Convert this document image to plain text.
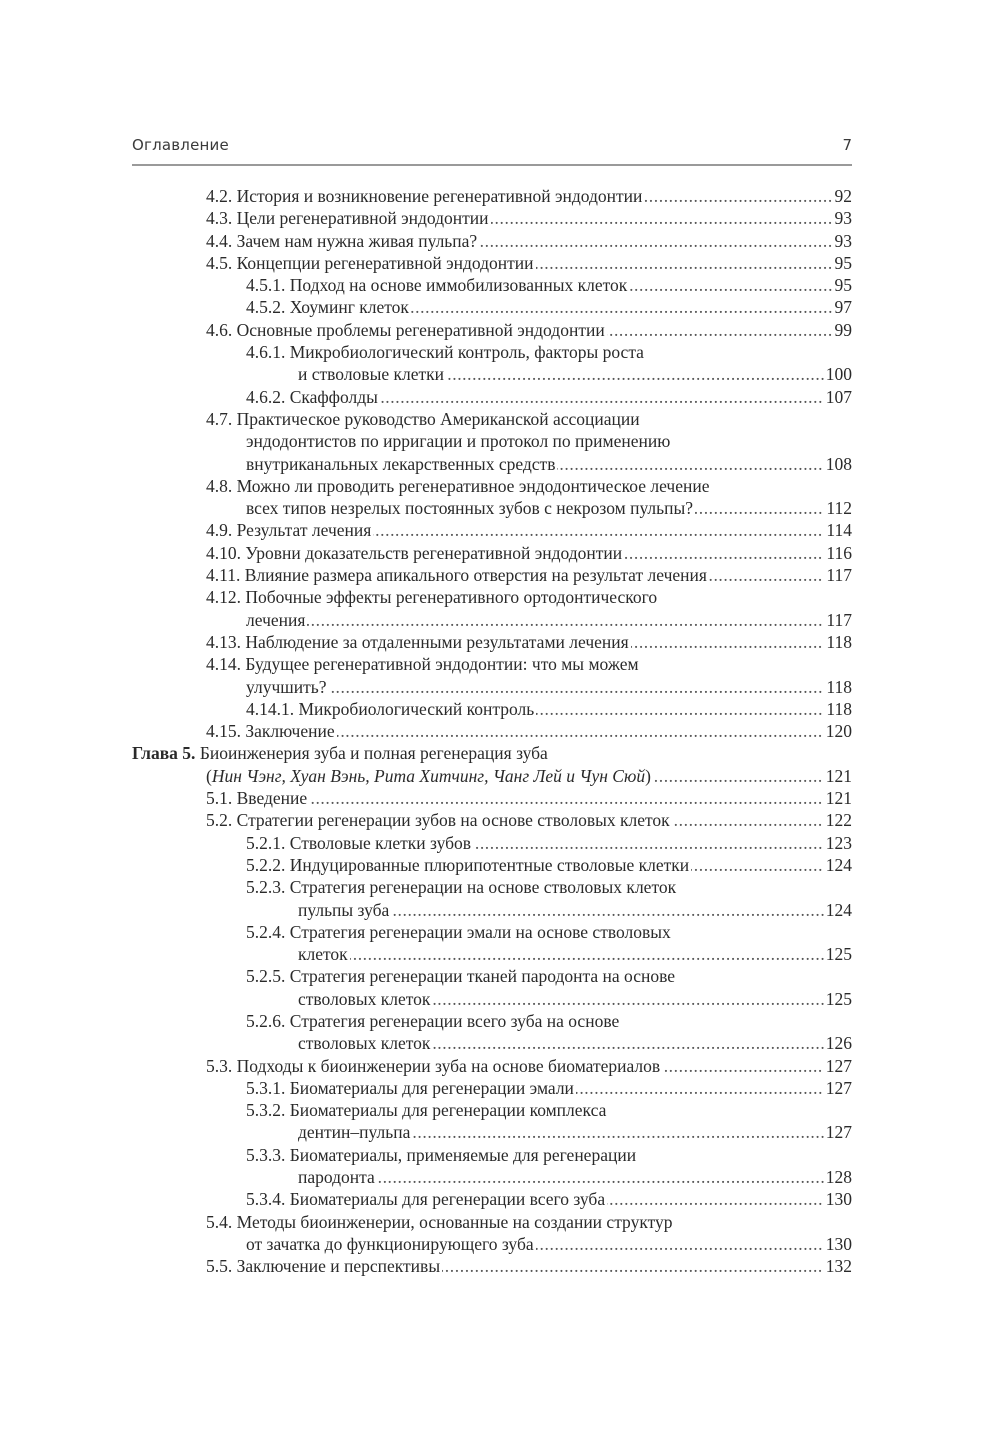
Оглавление	7
4.2. История и возникновение регенеративной эндодонтии .....	92
4.3. Цели регенеративной эндодонтии .....	93
4.4. Зачем нам нужна живая пульпа? .....	93
4.5. Концепции регенеративной эндодонтии .....	95
4.5.1. Подход на основе иммобилизованных клеток .....	95
4.5.2. Хоуминг клеток .....	97
4.6. Основные проблемы регенеративной эндодонтии .....	99
4.6.1. Микробиологический контроль, факторы роста
и стволовые клетки .....	100
4.6.2. Скаффолды .....	107
4.7. Практическое руководство Американской ассоциации
эндодонтистов по ирригации и протокол по применению
внутриканальных лекарственных средств .....	108
4.8. Можно ли проводить регенеративное эндодонтическое лечение
всех типов незрелых постоянных зубов с некрозом пульпы? .....	112
4.9. Результат лечения .....	114
4.10. Уровни доказательств регенеративной эндодонтии .....	116
4.11. Влияние размера апикального отверстия на результат лечения .....	117
4.12. Побочные эффекты регенеративного ортодонтического
лечения .....	117
4.13. Наблюдение за отдаленными результатами лечения .....	118
4.14. Будущее регенеративной эндодонтии: что мы можем
улучшить? .....	118
4.14.1. Микробиологический контроль .....	118
4.15. Заключение .....	120
Глава 5. Биоинженерия зуба и полная регенерация зуба
(Нин Чэнг, Хуан Вэнь, Рита Хитчинг, Чанг Лей и Чун Сюй) .....	121
5.1. Введение .....	121
5.2. Стратегии регенерации зубов на основе стволовых клеток .....	122
5.2.1. Стволовые клетки зубов .....	123
5.2.2. Индуцированные плюрипотентные стволовые клетки .....	124
5.2.3. Стратегия регенерации на основе стволовых клеток
пульпы зуба .....	124
5.2.4. Стратегия регенерации эмали на основе стволовых
клеток .....	125
5.2.5. Стратегия регенерации тканей пародонта на основе
стволовых клеток .....	125
5.2.6. Стратегия регенерации всего зуба на основе
стволовых клеток .....	126
5.3. Подходы к биоинженерии зуба на основе биоматериалов .....	127
5.3.1. Биоматериалы для регенерации эмали .....	127
5.3.2. Биоматериалы для регенерации комплекса
дентин–пульпа .....	127
5.3.3. Биоматериалы, применяемые для регенерации
пародонта .....	128
5.3.4. Биоматериалы для регенерации всего зуба .....	130
5.4. Методы биоинженерии, основанные на создании структур
от зачатка до функционирующего зуба .....	130
5.5. Заключение и перспективы .....	132
